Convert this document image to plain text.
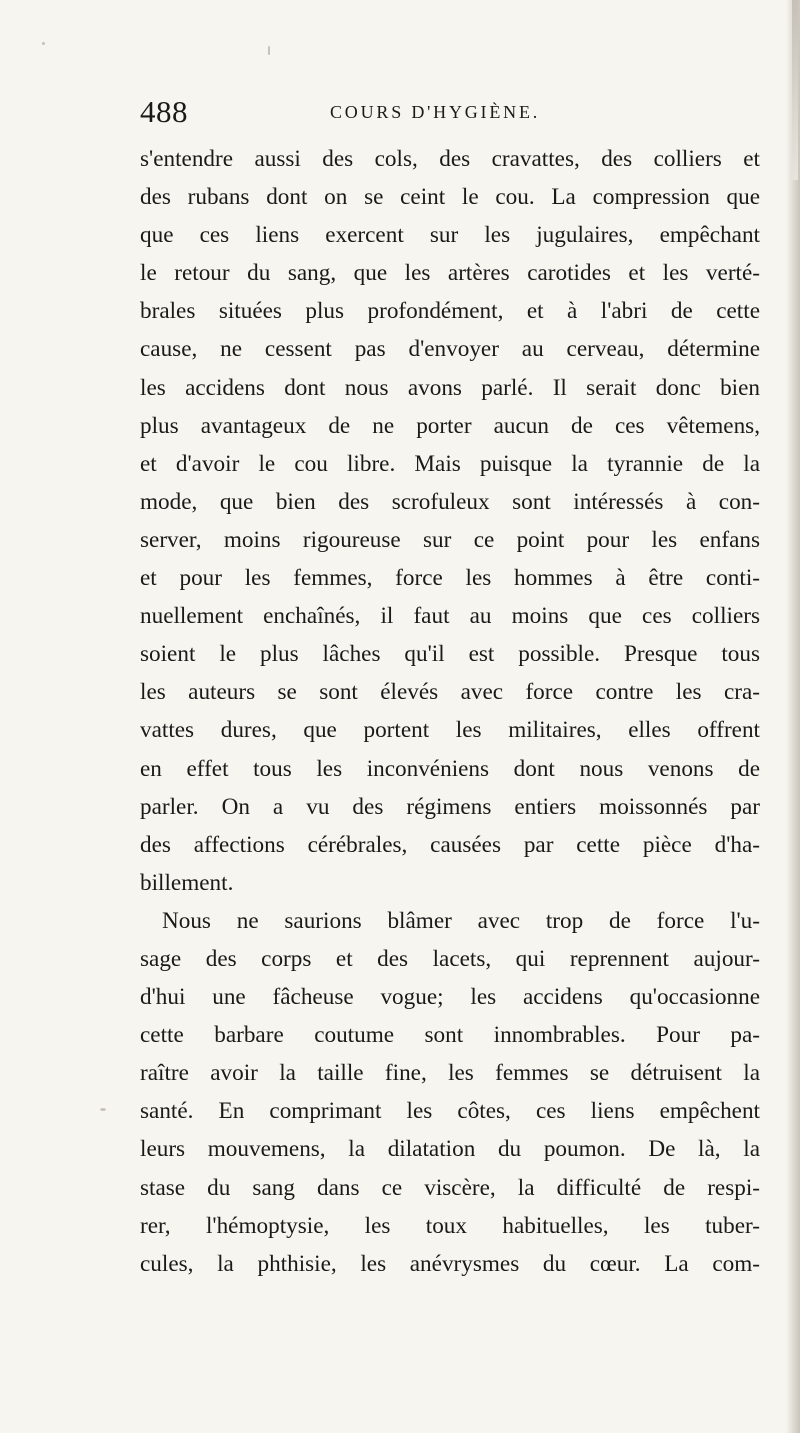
488	COURS D'HYGIÈNE.
s'entendre aussi des cols, des cravattes, des colliers et
des rubans dont on se ceint le cou. La compression que
que ces liens exercent sur les jugulaires, empêchant
le retour du sang, que les artères carotides et les verté-
brales situées plus profondément, et à l'abri de cette
cause, ne cessent pas d'envoyer au cerveau, détermine
les accidens dont nous avons parlé. Il serait donc bien
plus avantageux de ne porter aucun de ces vêtemens,
et d'avoir le cou libre. Mais puisque la tyrannie de la
mode, que bien des scrofuleux sont intéressés à con-
server, moins rigoureuse sur ce point pour les enfans
et pour les femmes, force les hommes à être conti-
nuellement enchaînés, il faut au moins que ces colliers
soient le plus lâches qu'il est possible. Presque tous
les auteurs se sont élevés avec force contre les cra-
vattes dures, que portent les militaires, elles offrent
en effet tous les inconvéniens dont nous venons de
parler. On a vu des régimens entiers moissonnés par
des affections cérébrales, causées par cette pièce d'ha-
billement.
Nous ne saurions blâmer avec trop de force l'u-
sage des corps et des lacets, qui reprennent aujour-
d'hui une fâcheuse vogue; les accidens qu'occasionne
cette barbare coutume sont innombrables. Pour pa-
raître avoir la taille fine, les femmes se détruisent la
santé. En comprimant les côtes, ces liens empêchent
leurs mouvemens, la dilatation du poumon. De là, la
stase du sang dans ce viscère, la difficulté de respi-
rer, l'hémoptysie, les toux habituelles, les tuber-
cules, la phthisie, les anévrysmes du cœur. La com-
